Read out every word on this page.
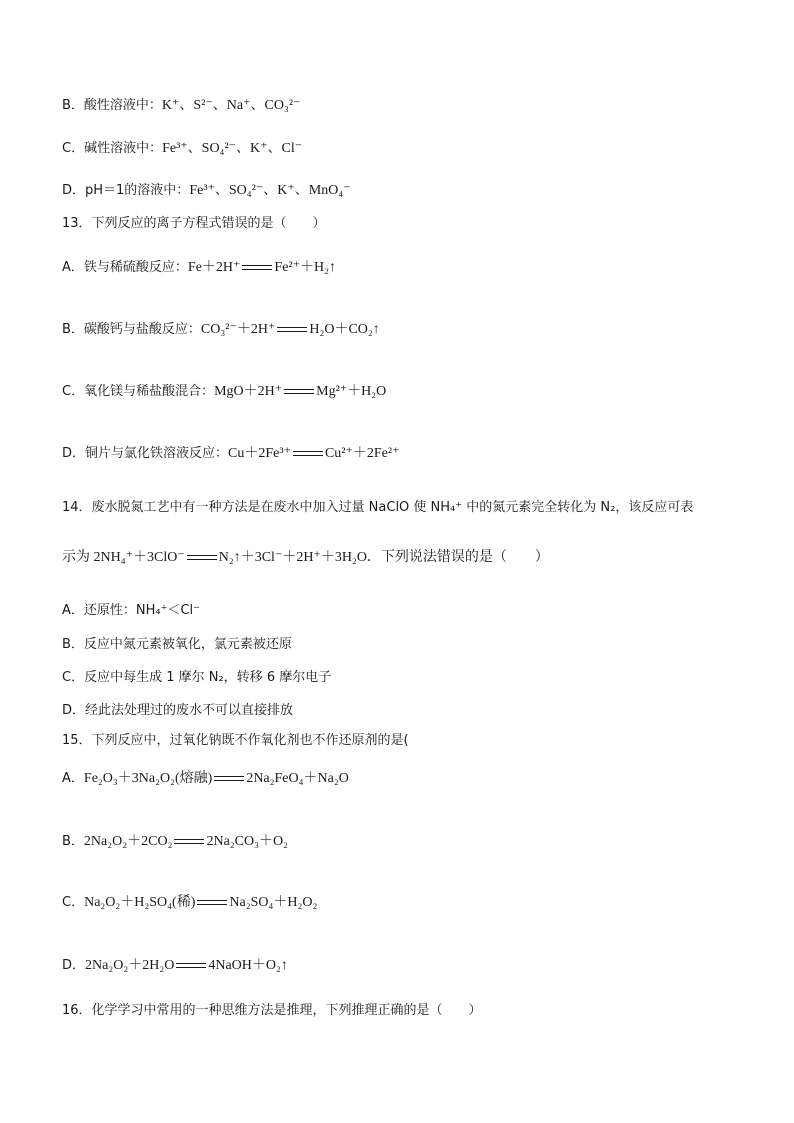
B．酸性溶液中：K⁺、S²⁻、Na⁺、CO₃²⁻
C．碱性溶液中：Fe³⁺、SO₄²⁻、K⁺、Cl⁻
D．pH＝1的溶液中：Fe³⁺、SO₄²⁻、K⁺、MnO₄⁻
13．下列反应的离子方程式错误的是（　　）
A．铁与稀硫酸反应：Fe＋2H⁺ Fe²⁺＋H₂↑
B．碳酸钙与盐酸反应：CO₃²⁻＋2H⁺ H₂O＋CO₂↑
C．氧化镁与稀盐酸混合：MgO＋2H⁺ Mg²⁺＋H₂O
D．铜片与氯化铁溶液反应：Cu＋2Fe³⁺ Cu²⁺＋2Fe²⁺
14．废水脱氮工艺中有一种方法是在废水中加入过量 NaClO 使 NH₄⁺ 中的氮元素完全转化为 N₂，该反应可表
示为 2NH₄⁺＋3ClO⁻ N₂↑＋3Cl⁻＋2H⁺＋3H₂O．下列说法错误的是（　　）
A．还原性：NH₄⁺＜Cl⁻
B．反应中氮元素被氧化，氯元素被还原
C．反应中每生成 1 摩尔 N₂，转移 6 摩尔电子
D．经此法处理过的废水不可以直接排放
15．下列反应中，过氧化钠既不作氧化剂也不作还原剂的是(
A．Fe₂O₃＋3Na₂O₂(熔融) 2Na₂FeO₄＋Na₂O
B．2Na₂O₂＋2CO₂ 2Na₂CO₃＋O₂
C．Na₂O₂＋H₂SO₄(稀) Na₂SO₄＋H₂O₂
D．2Na₂O₂＋2H₂O 4NaOH＋O₂↑
16．化学学习中常用的一种思维方法是推理，下列推理正确的是（　　）
